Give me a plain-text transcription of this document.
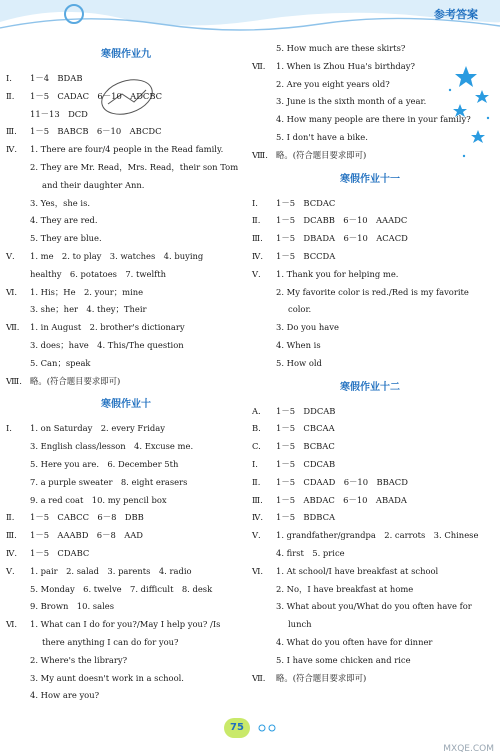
参考答案
寒假作业九
Ⅰ. 1－4　BDAB
Ⅱ. 1－5　CADAC　6－10　ADCBC
11－13　DCD
Ⅲ. 1－5　BABCB　6－10　ABCDC
Ⅳ. 1. There are four/4 people in the Read family.
2. They are Mr. Read，Mrs. Read，their son Tom
and their daughter Ann.
3. Yes，she is.
4. They are red.
5. They are blue.
Ⅴ. 1. me　2. to play　3. watches　4. buying
healthy　6. potatoes　7. twelfth
Ⅵ. 1. His；He　2. your；mine
3. she；her　4. they；Their
Ⅶ. 1. in August　2. brother's dictionary
3. does；have　4. This/The question
5. Can；speak
Ⅷ. 略。(符合题目要求即可)
寒假作业十
Ⅰ. 1. on Saturday　2. every Friday
3. English class/lesson　4. Excuse me.
5. Here you are.　6. December 5th
7. a purple sweater　8. eight erasers
9. a red coat　10. my pencil box
Ⅱ. 1－5　CABCC　6－8　DBB
Ⅲ. 1－5　AAABD　6－8　AAD
Ⅳ. 1－5　CDABC
Ⅴ. 1. pair　2. salad　3. parents　4. radio
5. Monday　6. twelve　7. difficult　8. desk
9. Brown　10. sales
Ⅵ. 1. What can I do for you?/May I help you? /Is
there anything I can do for you?
2. Where's the library?
3. My aunt doesn't work in a school.
4. How are you?
5. How much are these skirts?
Ⅶ. 1. When is Zhou Hua's birthday?
2. Are you eight years old?
3. June is the sixth month of a year.
4. How many people are there in your family?
5. I don't have a bike.
Ⅷ. 略。(符合题目要求即可)
寒假作业十一
Ⅰ. 1－5　BCDAC
Ⅱ. 1－5　DCABB　6－10　AAADC
Ⅲ. 1－5　DBADA　6－10　ACACD
Ⅳ. 1－5　BCCDA
Ⅴ. 1. Thank you for helping me.
2. My favorite color is red./Red is my favorite
color.
3. Do you have
4. When is
5. How old
寒假作业十二
A. 1－5　DDCAB
B. 1－5　CBCAA
C. 1－5　BCBAC
Ⅰ. 1－5　CDCAB
Ⅱ. 1－5　CDAAD　6－10　BBACD
Ⅲ. 1－5　ABDAC　6－10　ABADA
Ⅳ. 1－5　BDBCA
Ⅴ. 1. grandfather/grandpa　2. carrots　3. Chinese
4. first　5. price
Ⅵ. 1. At school/I have breakfast at school
2. No，I have breakfast at home
3. What about you/What do you often have for
lunch
4. What do you often have for dinner
5. I have some chicken and rice
Ⅶ. 略。(符合题目要求即可)
75
MXQE.COM
